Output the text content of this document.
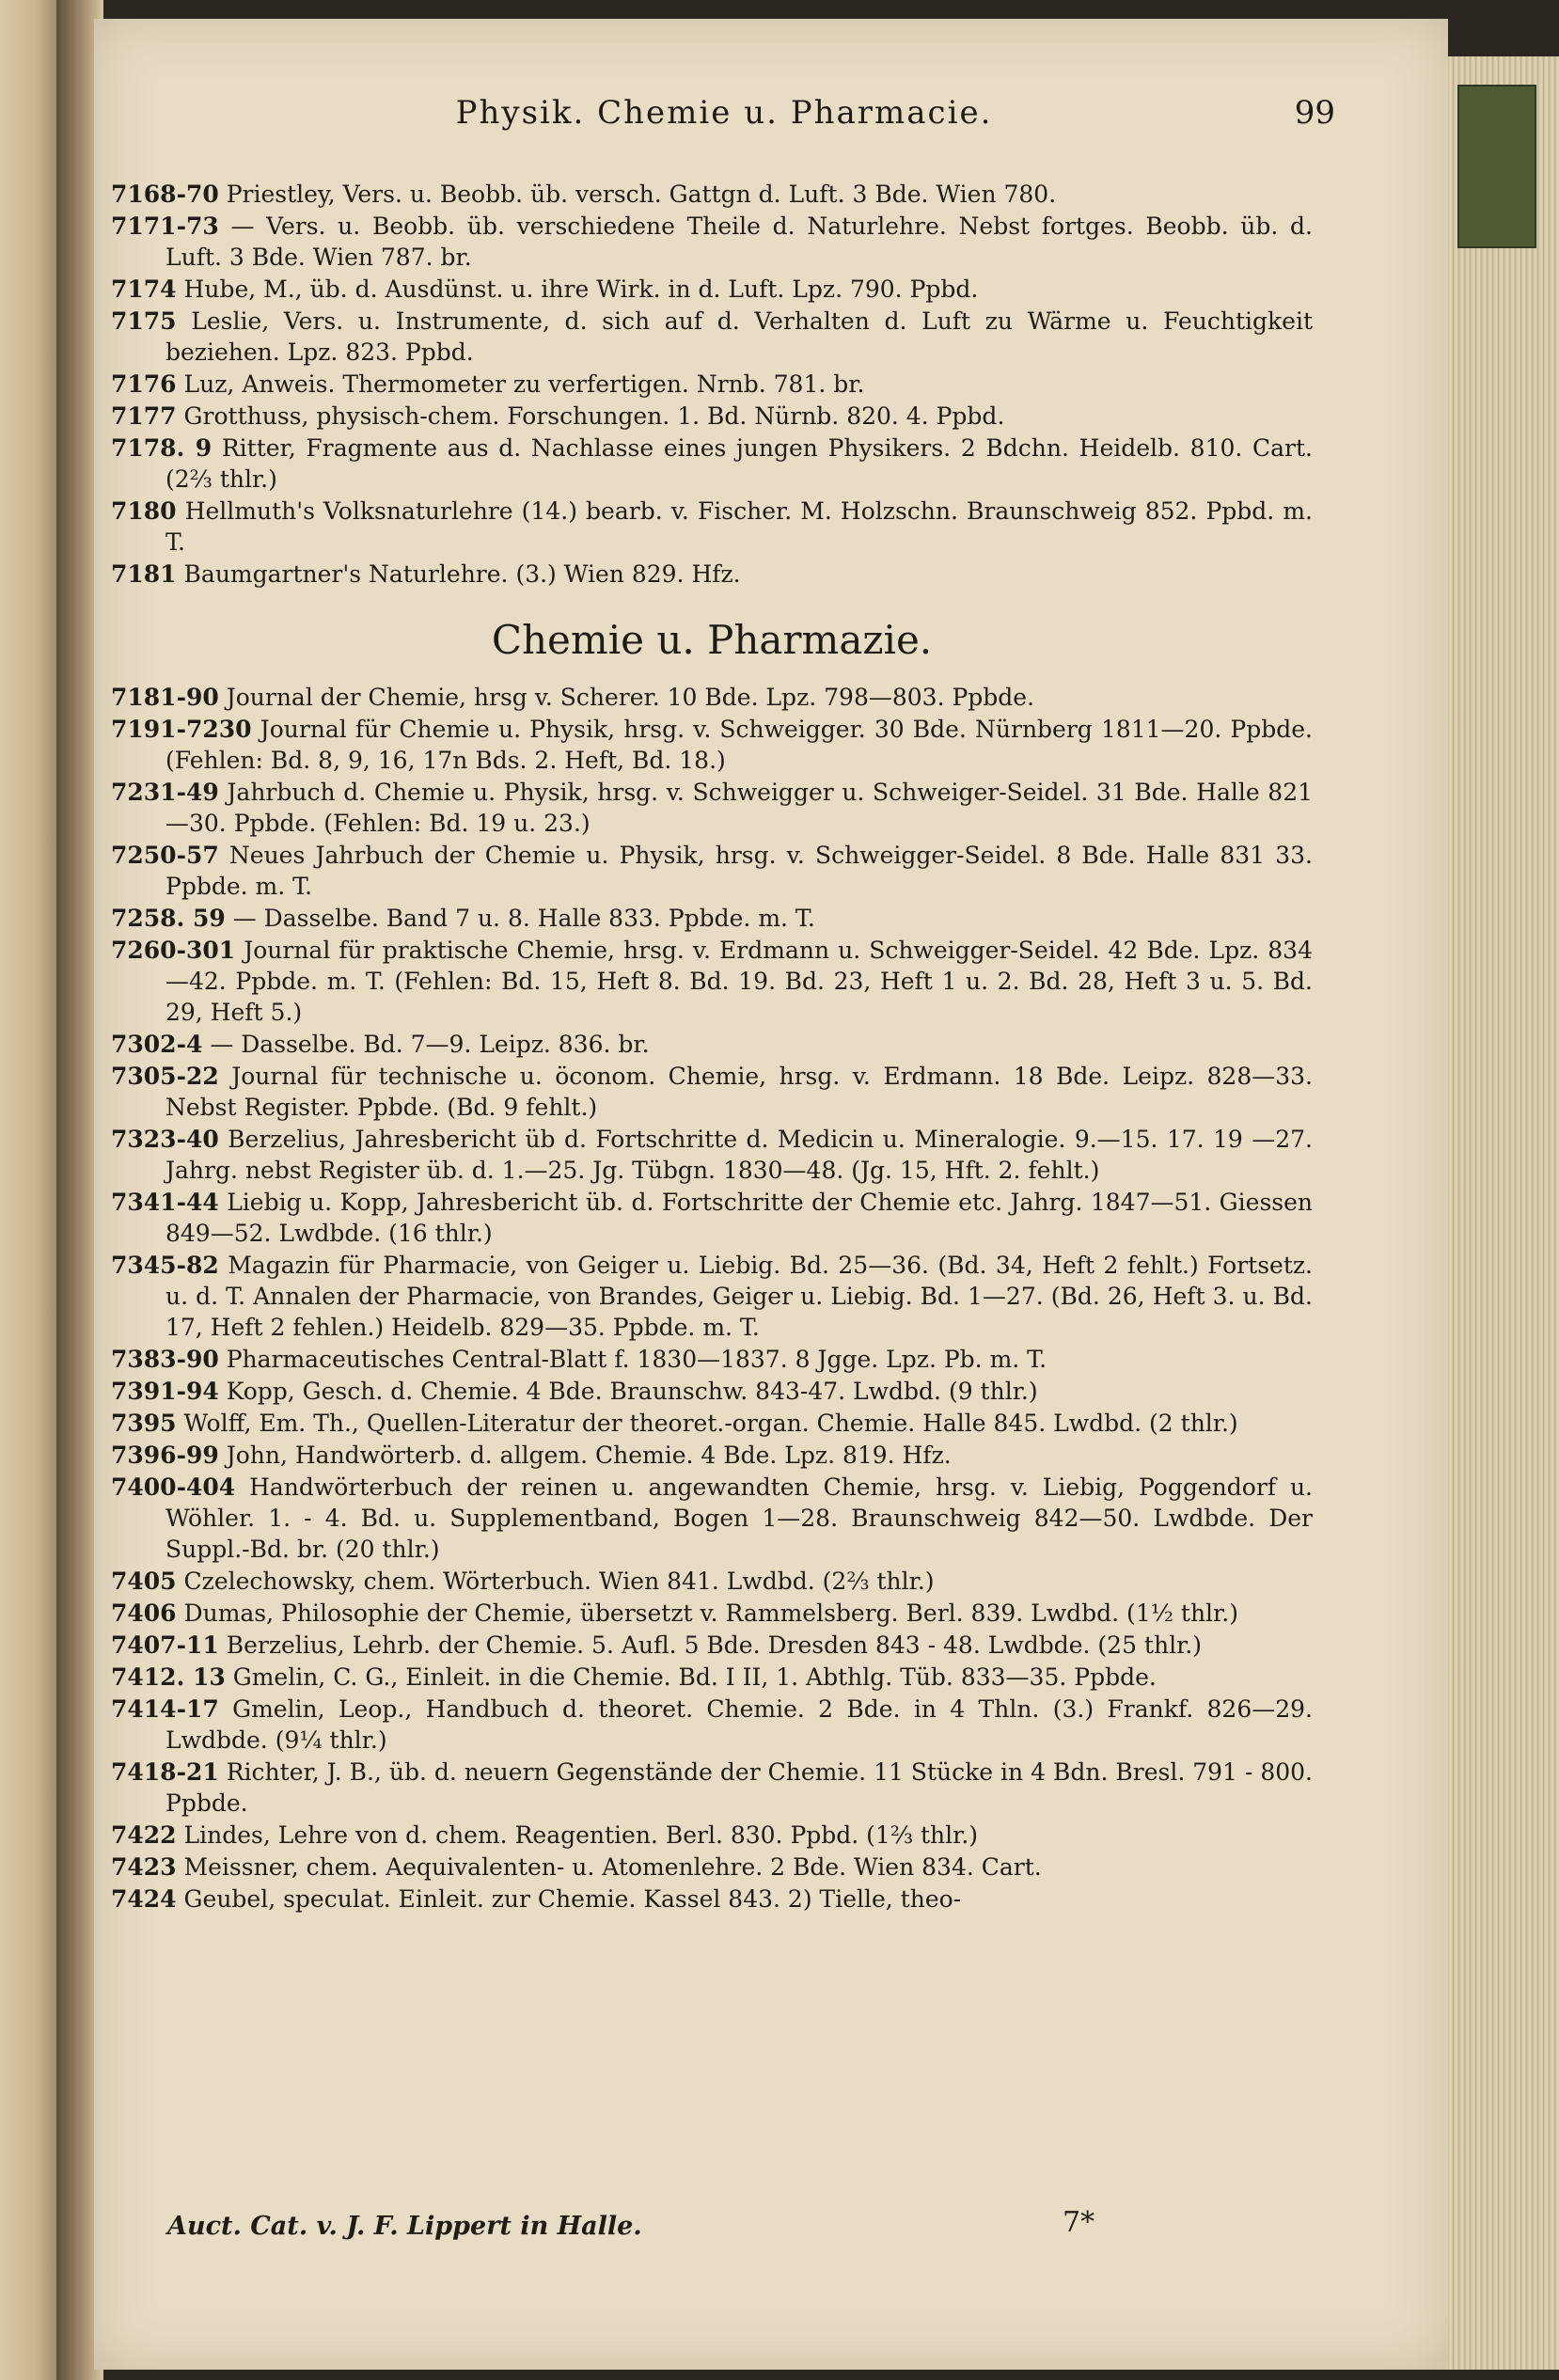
Physik. Chemie u. Pharmacie.	99
7168-70 Priestley, Vers. u. Beobb. üb. versch. Gattgn d. Luft. 3 Bde. Wien 780.
7171-73 — Vers. u. Beobb. üb. verschiedene Theile d. Naturlehre. Nebst fortges. Beobb. üb. d. Luft. 3 Bde. Wien 787. br.
7174 Hube, M., üb. d. Ausdünst. u. ihre Wirk. in d. Luft. Lpz. 790. Ppbd.
7175 Leslie, Vers. u. Instrumente, d. sich auf d. Verhalten d. Luft zu Wärme u. Feuchtigkeit beziehen. Lpz. 823. Ppbd.
7176 Luz, Anweis. Thermometer zu verfertigen. Nrnb. 781. br.
7177 Grotthuss, physisch-chem. Forschungen. 1. Bd. Nürnb. 820. 4. Ppbd.
7178. 9 Ritter, Fragmente aus d. Nachlasse eines jungen Physikers. 2 Bdchn. Heidelb. 810. Cart. (2⅔ thlr.)
7180 Hellmuth's Volksnaturlehre (14.) bearb. v. Fischer. M. Holzschn. Braunschweig 852. Ppbd. m. T.
7181 Baumgartner's Naturlehre. (3.) Wien 829. Hfz.
Chemie u. Pharmazie.
7181-90 Journal der Chemie, hrsg v. Scherer. 10 Bde. Lpz. 798—803. Ppbde.
7191-7230 Journal für Chemie u. Physik, hrsg. v. Schweigger. 30 Bde. Nürnberg 1811—20. Ppbde. (Fehlen: Bd. 8, 9, 16, 17n Bds. 2. Heft, Bd. 18.)
7231-49 Jahrbuch d. Chemie u. Physik, hrsg. v. Schweigger u. Schweiger-Seidel. 31 Bde. Halle 821—30. Ppbde. (Fehlen: Bd. 19 u. 23.)
7250-57 Neues Jahrbuch der Chemie u. Physik, hrsg. v. Schweigger-Seidel. 8 Bde. Halle 831 33. Ppbde. m. T.
7258. 59 — Dasselbe. Band 7 u. 8. Halle 833. Ppbde. m. T.
7260-301 Journal für praktische Chemie, hrsg. v. Erdmann u. Schweigger-Seidel. 42 Bde. Lpz. 834—42. Ppbde. m. T. (Fehlen: Bd. 15, Heft 8. Bd. 19. Bd. 23, Heft 1 u. 2. Bd. 28, Heft 3 u. 5. Bd. 29, Heft 5.)
7302-4 — Dasselbe. Bd. 7—9. Leipz. 836. br.
7305-22 Journal für technische u. öconom. Chemie, hrsg. v. Erdmann. 18 Bde. Leipz. 828—33. Nebst Register. Ppbde. (Bd. 9 fehlt.)
7323-40 Berzelius, Jahresbericht üb d. Fortschritte d. Medicin u. Mineralogie. 9.—15. 17. 19 —27. Jahrg. nebst Register üb. d. 1.—25. Jg. Tübgn. 1830—48. (Jg. 15, Hft. 2. fehlt.)
7341-44 Liebig u. Kopp, Jahresbericht üb. d. Fortschritte der Chemie etc. Jahrg. 1847—51. Giessen 849—52. Lwdbde. (16 thlr.)
7345-82 Magazin für Pharmacie, von Geiger u. Liebig. Bd. 25—36. (Bd. 34, Heft 2 fehlt.) Fortsetz. u. d. T. Annalen der Pharmacie, von Brandes, Geiger u. Liebig. Bd. 1—27. (Bd. 26, Heft 3. u. Bd. 17, Heft 2 fehlen.) Heidelb. 829—35. Ppbde. m. T.
7383-90 Pharmaceutisches Central-Blatt f. 1830—1837. 8 Jgge. Lpz. Pb. m. T.
7391-94 Kopp, Gesch. d. Chemie. 4 Bde. Braunschw. 843-47. Lwdbd. (9 thlr.)
7395 Wolff, Em. Th., Quellen-Literatur der theoret.-organ. Chemie. Halle 845. Lwdbd. (2 thlr.)
7396-99 John, Handwörterb. d. allgem. Chemie. 4 Bde. Lpz. 819. Hfz.
7400-404 Handwörterbuch der reinen u. angewandten Chemie, hrsg. v. Liebig, Poggendorf u. Wöhler. 1. - 4. Bd. u. Supplementband, Bogen 1—28. Braunschweig 842—50. Lwdbde. Der Suppl.-Bd. br. (20 thlr.)
7405 Czelechowsky, chem. Wörterbuch. Wien 841. Lwdbd. (2⅔ thlr.)
7406 Dumas, Philosophie der Chemie, übersetzt v. Rammelsberg. Berl. 839. Lwdbd. (1½ thlr.)
7407-11 Berzelius, Lehrb. der Chemie. 5. Aufl. 5 Bde. Dresden 843 - 48. Lwdbde. (25 thlr.)
7412. 13 Gmelin, C. G., Einleit. in die Chemie. Bd. I II, 1. Abthlg. Tüb. 833—35. Ppbde.
7414-17 Gmelin, Leop., Handbuch d. theoret. Chemie. 2 Bde. in 4 Thln. (3.) Frankf. 826—29. Lwdbde. (9¼ thlr.)
7418-21 Richter, J. B., üb. d. neuern Gegenstände der Chemie. 11 Stücke in 4 Bdn. Bresl. 791 - 800. Ppbde.
7422 Lindes, Lehre von d. chem. Reagentien. Berl. 830. Ppbd. (1⅔ thlr.)
7423 Meissner, chem. Aequivalenten- u. Atomenlehre. 2 Bde. Wien 834. Cart.
7424 Geubel, speculat. Einleit. zur Chemie. Kassel 843. 2) Tielle, theo-
Auct. Cat. v. J. F. Lippert in Halle.	7*
